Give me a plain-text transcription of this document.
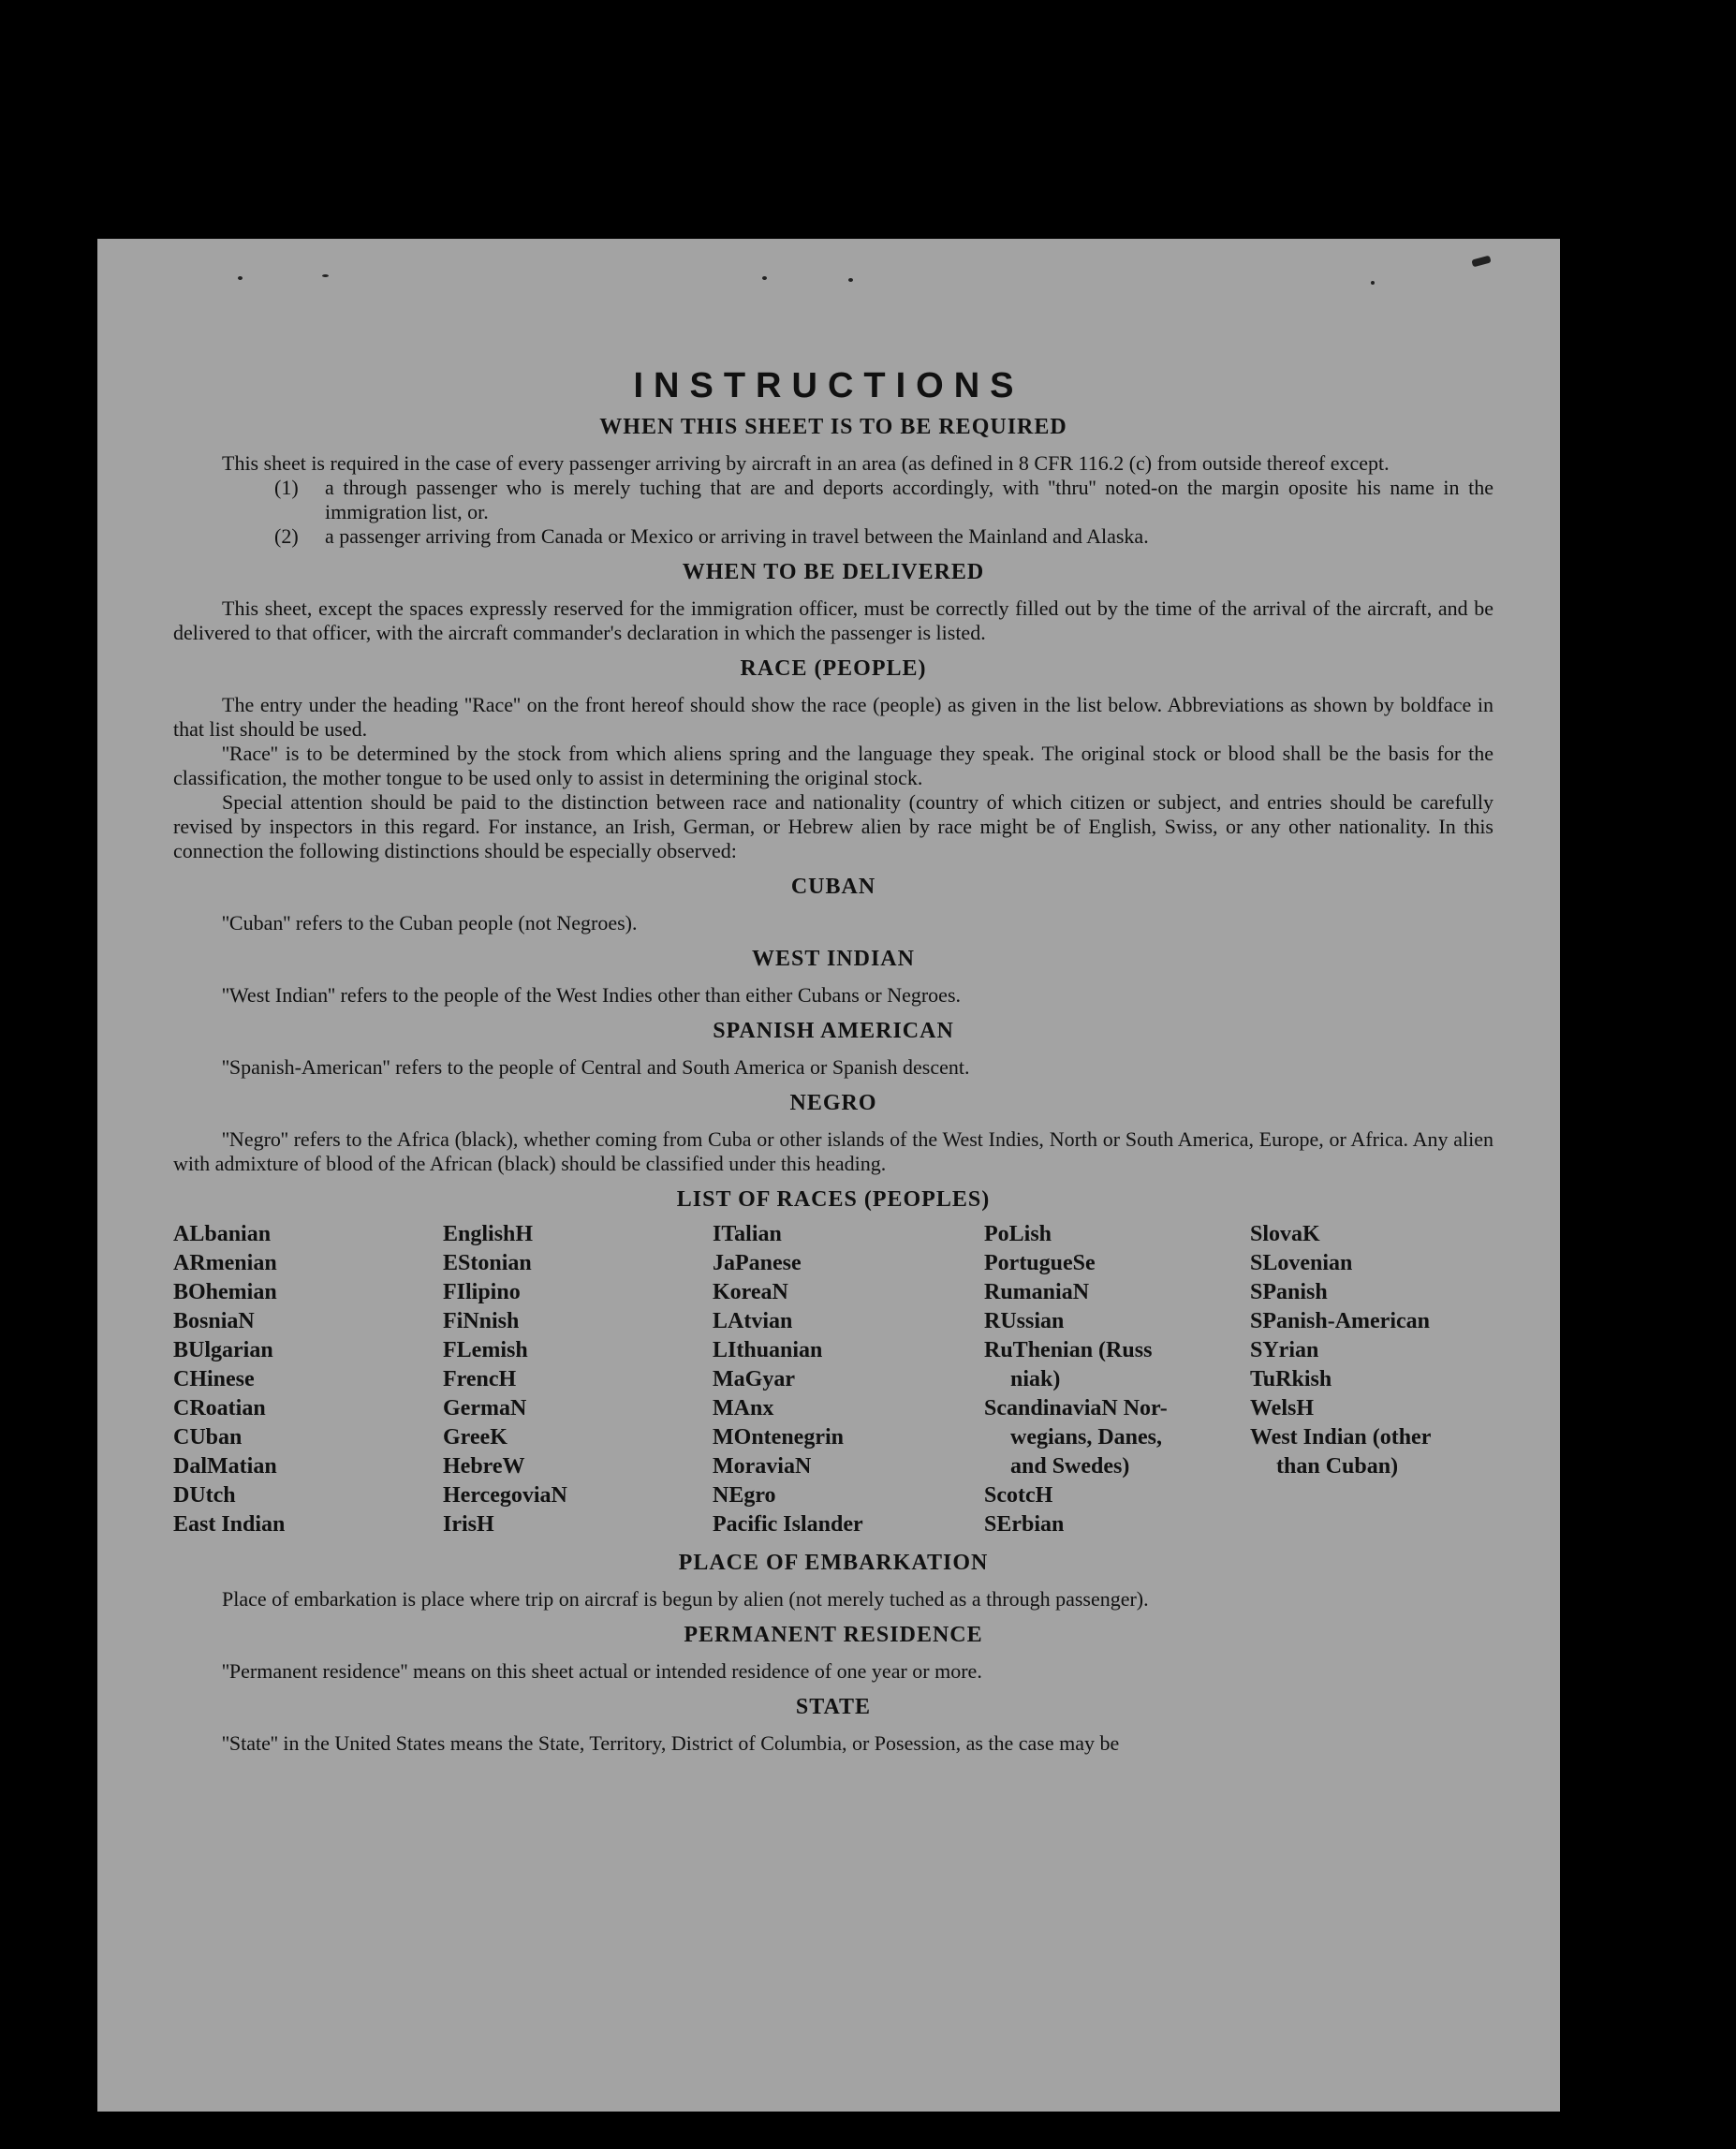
INSTRUCTIONS
WHEN THIS SHEET IS TO BE REQUIRED

This sheet is required in the case of every passenger arriving by aircraft in an area (as defined in 8 CFR 116.2 (c) from outside thereof except.

(1) a through passenger who is merely tuching that are and deports accordingly, with ''thru'' noted-on the margin oposite his name in the immigration list, or.

(2) a passenger arriving from Canada or Mexico or arriving in travel between the Mainland and Alaska.

WHEN TO BE DELIVERED

This sheet, except the spaces expressly reserved for the immigration officer, must be correctly filled out by the time of the arrival of the aircraft, and be delivered to that officer, with the aircraft commander's declaration in which the passenger is listed.

RACE (PEOPLE)

The entry under the heading ''Race'' on the front hereof should show the race (people) as given in the list below. Abbreviations as shown by boldface in that list should be used.

''Race'' is to be determined by the stock from which aliens spring and the language they speak. The original stock or blood shall be the basis for the classification, the mother tongue to be used only to assist in determining the original stock.

Special attention should be paid to the distinction between race and nationality (country of which citizen or subject, and entries should be carefully revised by inspectors in this regard. For instance, an Irish, German, or Hebrew alien by race might be of English, Swiss, or any other nationality. In this connection the following distinctions should be especially observed:

CUBAN

''Cuban'' refers to the Cuban people (not Negroes).

WEST INDIAN

''West Indian'' refers to the people of the West Indies other than either Cubans or Negroes.

SPANISH AMERICAN

''Spanish-American'' refers to the people of Central and South America or Spanish descent.

NEGRO

''Negro'' refers to the Africa (black), whether coming from Cuba or other islands of the West Indies, North or South America, Europe, or Africa. Any alien with admixture of blood of the African (black) should be classified under this heading.

LIST OF RACES (PEOPLES)
ALbanian
ARmenian
BOhemian
BosniaN
BUlgarian
CHinese
CRoatian
CUban
DalMatian
DUtch
East Indian
EnglishH
EStonian
FIlipino
FiNnish
FLemish
FrencH
GermaN
GreeK
HebreW
HercegoviaN
IrisH
ITalian
JaPanese
KoreaN
LAtvian
LIthuanian
MaGyar
MAnx
MOntenegrin
MoraviaN
NEgro
Pacific Islander
PoLish
PortugueSe
RumaniaN
RUssian
RuThenian (Russ
niak)
ScandinaviaN Nor-
wegians, Danes,
and Swedes)
ScotcH
SErbian
SlovaK
SLovenian
SPanish
SPanish-American
SYrian
TuRkish
WelsH
West Indian (other
than Cuban)
PLACE OF EMBARKATION

Place of embarkation is place where trip on aircraf is begun by alien (not merely tuched as a through passenger).

PERMANENT RESIDENCE

''Permanent residence'' means on this sheet actual or intended residence of one year or more.

STATE

''State'' in the United States means the State, Territory, District of Columbia, or Posession, as the case may be
